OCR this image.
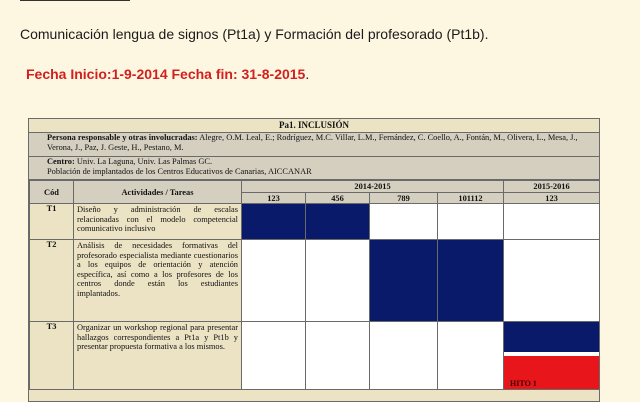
Comunicación lengua de signos (Pt1a) y Formación del profesorado (Pt1b).
Fecha Inicio:1-9-2014 Fecha fin: 31-8-2015.
Pa1. INCLUSIÓN
Persona responsable y otras involucradas: Alegre, O.M. Leal, E.; Rodríguez, M.C. Villar, L.M., Fernández, C. Coello, A., Fontán, M., Olivera, L., Mesa, J., Verona, J., Paz, J. Geste, H., Pestano, M.
Centro: Univ. La Laguna, Univ. Las Palmas GC.
Población de implantados de los Centros Educativos de Canarias, AICCANAR
Cód	Actividades / Tareas	2014-2015				2015-2016
		123	456	789	101112	123
T1	Diseño y administración de escalas relacionadas con el modelo competencial comunicativo inclusivo					
T2	Análisis de necesidades formativas del profesorado especialista mediante cuestionarios a los equipos de orientación y atención específica, así como a los profesores de los centros donde están los estudiantes implantados.					
T3	Organizar un workshop regional para presentar hallazgos correspondientes a Pt1a y Pt1b y presentar propuesta formativa a los mismos.					HITO 1
